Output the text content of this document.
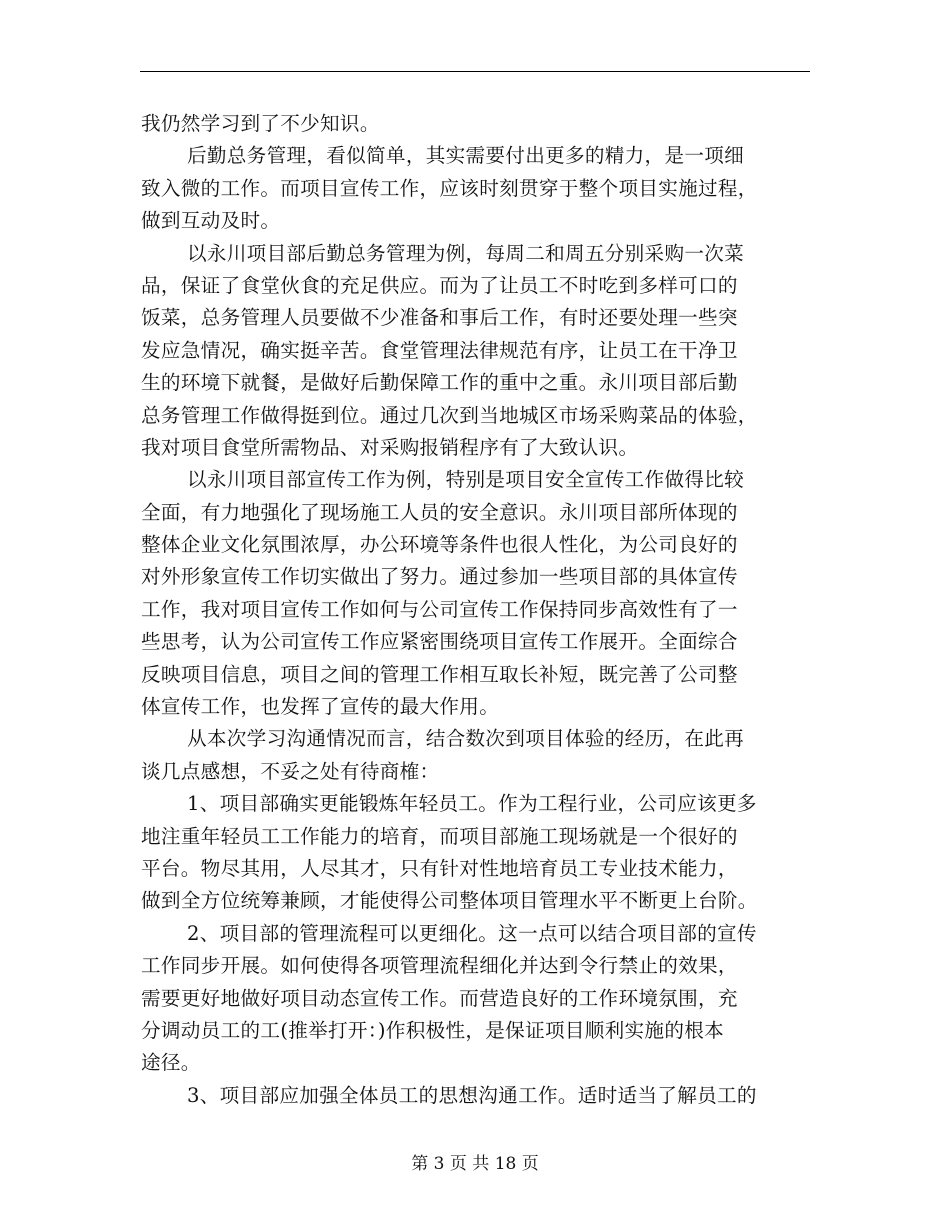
我仍然学习到了不少知识。
后勤总务管理，看似简单，其实需要付出更多的精力，是一项细
致入微的工作。而项目宣传工作，应该时刻贯穿于整个项目实施过程，
做到互动及时。
以永川项目部后勤总务管理为例，每周二和周五分别采购一次菜
品，保证了食堂伙食的充足供应。而为了让员工不时吃到多样可口的
饭菜，总务管理人员要做不少准备和事后工作，有时还要处理一些突
发应急情况，确实挺辛苦。食堂管理法律规范有序，让员工在干净卫
生的环境下就餐，是做好后勤保障工作的重中之重。永川项目部后勤
总务管理工作做得挺到位。通过几次到当地城区市场采购菜品的体验，
我对项目食堂所需物品、对采购报销程序有了大致认识。
以永川项目部宣传工作为例，特别是项目安全宣传工作做得比较
全面，有力地强化了现场施工人员的安全意识。永川项目部所体现的
整体企业文化氛围浓厚，办公环境等条件也很人性化，为公司良好的
对外形象宣传工作切实做出了努力。通过参加一些项目部的具体宣传
工作，我对项目宣传工作如何与公司宣传工作保持同步高效性有了一
些思考，认为公司宣传工作应紧密围绕项目宣传工作展开。全面综合
反映项目信息，项目之间的管理工作相互取长补短，既完善了公司整
体宣传工作，也发挥了宣传的最大作用。
从本次学习沟通情况而言，结合数次到项目体验的经历，在此再
谈几点感想，不妥之处有待商榷：
1、项目部确实更能锻炼年轻员工。作为工程行业，公司应该更多
地注重年轻员工工作能力的培育，而项目部施工现场就是一个很好的
平台。物尽其用，人尽其才，只有针对性地培育员工专业技术能力，
做到全方位统筹兼顾，才能使得公司整体项目管理水平不断更上台阶。
2、项目部的管理流程可以更细化。这一点可以结合项目部的宣传
工作同步开展。如何使得各项管理流程细化并达到令行禁止的效果，
需要更好地做好项目动态宣传工作。而营造良好的工作环境氛围，充
分调动员工的工(推举打开：)作积极性，是保证项目顺利实施的根本
途径。
3、项目部应加强全体员工的思想沟通工作。适时适当了解员工的
第 3 页 共 18 页
